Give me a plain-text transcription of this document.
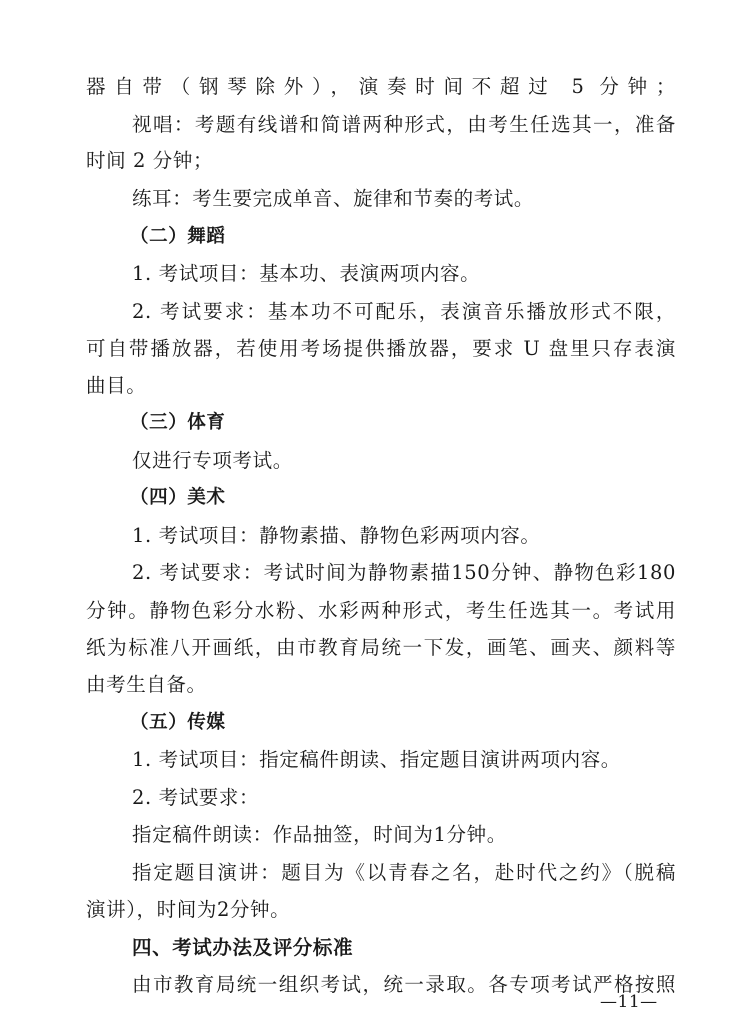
器自带（钢琴除外），演奏时间不超过 5 分钟；
视唱：考题有线谱和简谱两种形式，由考生任选其一，准备
时间 2 分钟；
练耳：考生要完成单音、旋律和节奏的考试。
（二）舞蹈
1. 考试项目：基本功、表演两项内容。
2. 考试要求：基本功不可配乐，表演音乐播放形式不限，
可自带播放器，若使用考场提供播放器，要求 U 盘里只存表演
曲目。
（三）体育
仅进行专项考试。
（四）美术
1. 考试项目：静物素描、静物色彩两项内容。
2. 考试要求：考试时间为静物素描150分钟、静物色彩180
分钟。静物色彩分水粉、水彩两种形式，考生任选其一。考试用
纸为标准八开画纸，由市教育局统一下发，画笔、画夹、颜料等
由考生自备。
（五）传媒
1. 考试项目：指定稿件朗读、指定题目演讲两项内容。
2. 考试要求：
指定稿件朗读：作品抽签，时间为1分钟。
指定题目演讲：题目为《以青春之名，赴时代之约》（脱稿
演讲），时间为2分钟。
四、考试办法及评分标准
由市教育局统一组织考试，统一录取。各专项考试严格按照
—11—
